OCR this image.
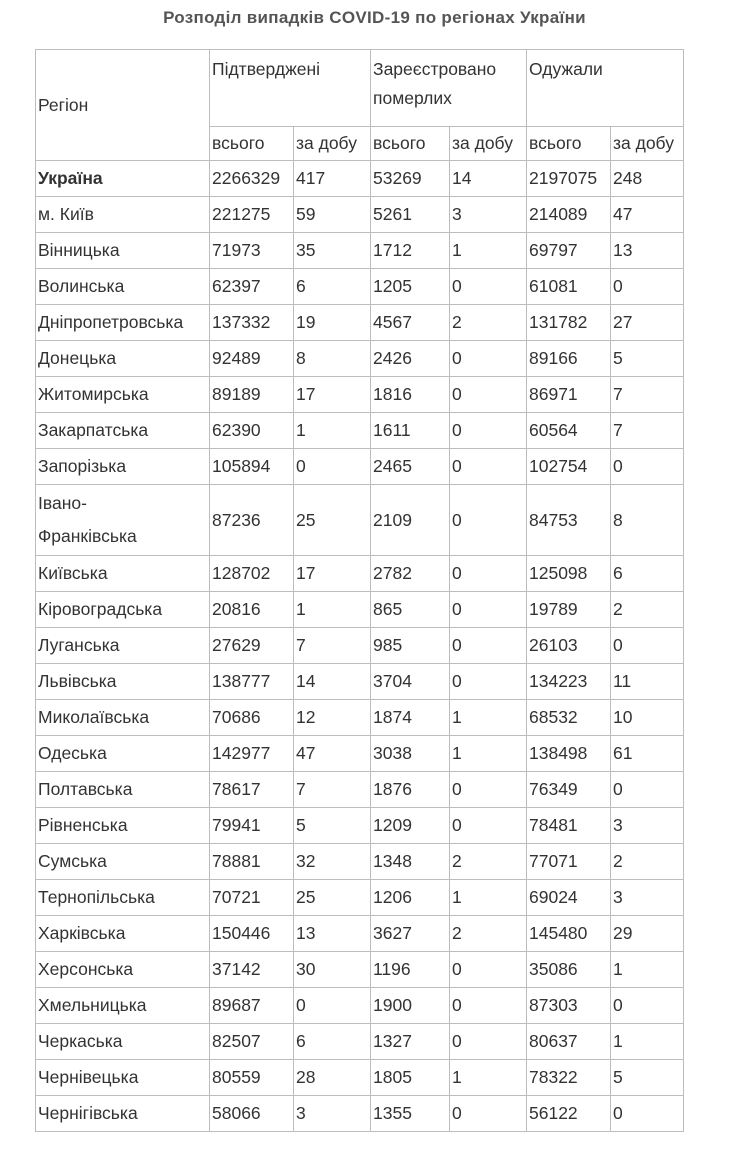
Розподіл випадків COVID-19 по регіонах України
Регіон	Підтверджені		Зареєстровано померлих		Одужали	
	всього	за добу	всього	за добу	всього	за добу
Україна	2266329	417	53269	14	2197075	248
м. Київ	221275	59	5261	3	214089	47
Вінницька	71973	35	1712	1	69797	13
Волинська	62397	6	1205	0	61081	0
Дніпропетровська	137332	19	4567	2	131782	27
Донецька	92489	8	2426	0	89166	5
Житомирська	89189	17	1816	0	86971	7
Закарпатська	62390	1	1611	0	60564	7
Запорізька	105894	0	2465	0	102754	0
Івано-
Франківська	87236	25	2109	0	84753	8
Київська	128702	17	2782	0	125098	6
Кіровоградська	20816	1	865	0	19789	2
Луганська	27629	7	985	0	26103	0
Львівська	138777	14	3704	0	134223	11
Миколаївська	70686	12	1874	1	68532	10
Одеська	142977	47	3038	1	138498	61
Полтавська	78617	7	1876	0	76349	0
Рівненська	79941	5	1209	0	78481	3
Сумська	78881	32	1348	2	77071	2
Тернопільська	70721	25	1206	1	69024	3
Харківська	150446	13	3627	2	145480	29
Херсонська	37142	30	1196	0	35086	1
Хмельницька	89687	0	1900	0	87303	0
Черкаська	82507	6	1327	0	80637	1
Чернівецька	80559	28	1805	1	78322	5
Чернігівська	58066	3	1355	0	56122	0
